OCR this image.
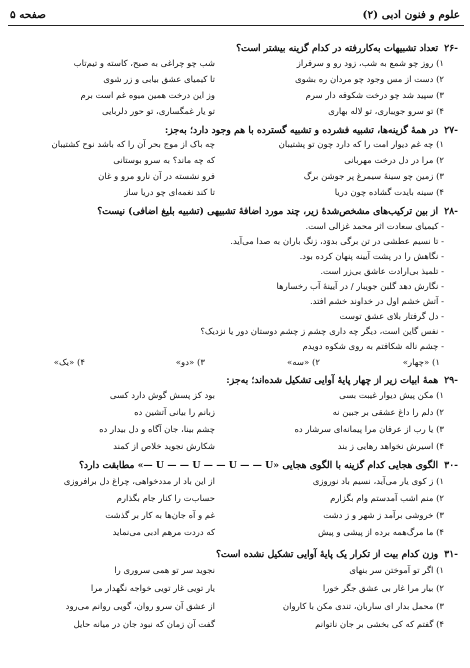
علوم و فنون ادبی (۲)
صفحه ۵
-۲۶تعداد تشبیهات به‌کاررفته در کدام گزینه بیشتر است؟
۱) روز چو شمع به شب، زود رو و سرفراز
شب چو چراغی به صبح، کاسته و تیم‌تاب
۲) دست از مس وجود چو مردان ره بشوی
تا کیمیای عشق بیابی و زر شوی
۳) سپید شد چو درخت شکوفه دار سرم
وز این درخت همین میوه غم است برم
۴) تو سرو جویباری، تو لاله بهاری
تو یار غمگساری، تو حور دلربایی
-۲۷در همهٔ گزینه‌ها، تشبیه فشرده و تشبیه گسترده با هم وجود دارد؛ به‌جز:
۱) چه غم دیوار امت را که دارد چون تو پشتیبان
چه باک از موج بحر آن را که باشد نوح کشتیبان
۲) مرا در دل درخت مهربانی
که چه ماند؟ به سرو بوستانی
۳) زمین چو سینهٔ سیمرغ پر جوشن برگ
فرو نشسته در آن نارو مرو و غان
۴) سینه بایدت گشاده چون دریا
تا کند نغمه‌ای چو دریا ساز
-۲۸از بین ترکیب‌های مشخص‌شدهٔ زیر، چند مورد اضافهٔ تشبیهی (تشبیه بلیغ اضافی) نیست؟
- کیمیای سعادت اثر محمد غزالی است.
- تا نسیم عطشی در تن برگی بدوَد، زنگ باران به صدا می‌آید.
- نگاهش را در پشت آیینه پنهان کرده بود.
- تلمیذ بی‌ارادت عاشق بی‌زر است.
- نگارش دهد گلبن جویبار / در آیینهٔ آب رخسارها
- آتش خشم اول در خداوند خشم افتد.
- دل گرفتار بلای عشق توست
- نفس گاین است، دیگر چه داری چشم ز چشم دوستان دور یا نزدیک؟
- چشم ناله شکافتم به روی شکوه دویدم
۱) «چهار»
۲) «سه»
۳) «دو»
۴) «یک»
-۲۹همهٔ ابیات زیر از چهار پایهٔ آوایی تشکیل شده‌اند؛ به‌جز:
۱) مکن پیش دیوار غیبت بسی
بود کز پسش گوش دارد کسی
۲) دلم را داغ عشقی بر جبین نه
زبانم را بیانی آتشین ده
۳) یا رب از عرفان مرا پیمانه‌ای سرشار ده
چشم بینا، جان آگاه و دل بیدار ده
۴) اسیرش نخواهد رهایی ز بند
شکارش نجوید خلاص از کمند
-۳۰الگوی هجایی کدام گزینه با الگوی هجایی «U — — U — — U — — U —» مطابقت دارد؟
۱) ز کوی یار می‌آید، نسیم باد نوروزی
از این باد ار مددخواهی، چراغ دل برافروزی
۲) منم اشب آمدستم وام بگزارم
حساب‌ت را کنار جام بگذارم
۳) خروشی برآمد ز شهر و ز دشت
غم و آه جان‌ها به کار بر گذشت
۴) ما مرگ‌همه برده از پیشی و پیش
که دردت مرهم ادبی می‌نماید
-۳۱وزن کدام بیت از تکرار یک پایهٔ آوایی تشکیل نشده است؟
۱) اگر تو آموختن سر بنهای
نجوید سر تو همی سروری را
۲) بیار مرا غار بی عشق جگر خورا
یار تویی غار تویی خواجه نگهدار مرا
۳) محمل بدار ای ساربان، تندی مکن با کاروان
از عشق آن سرو روان، گویی روانم می‌رود
۴) گفتم که کی بخشی بر جان ناتوانم
گفت آن زمان که نبود جان در میانه حایل
